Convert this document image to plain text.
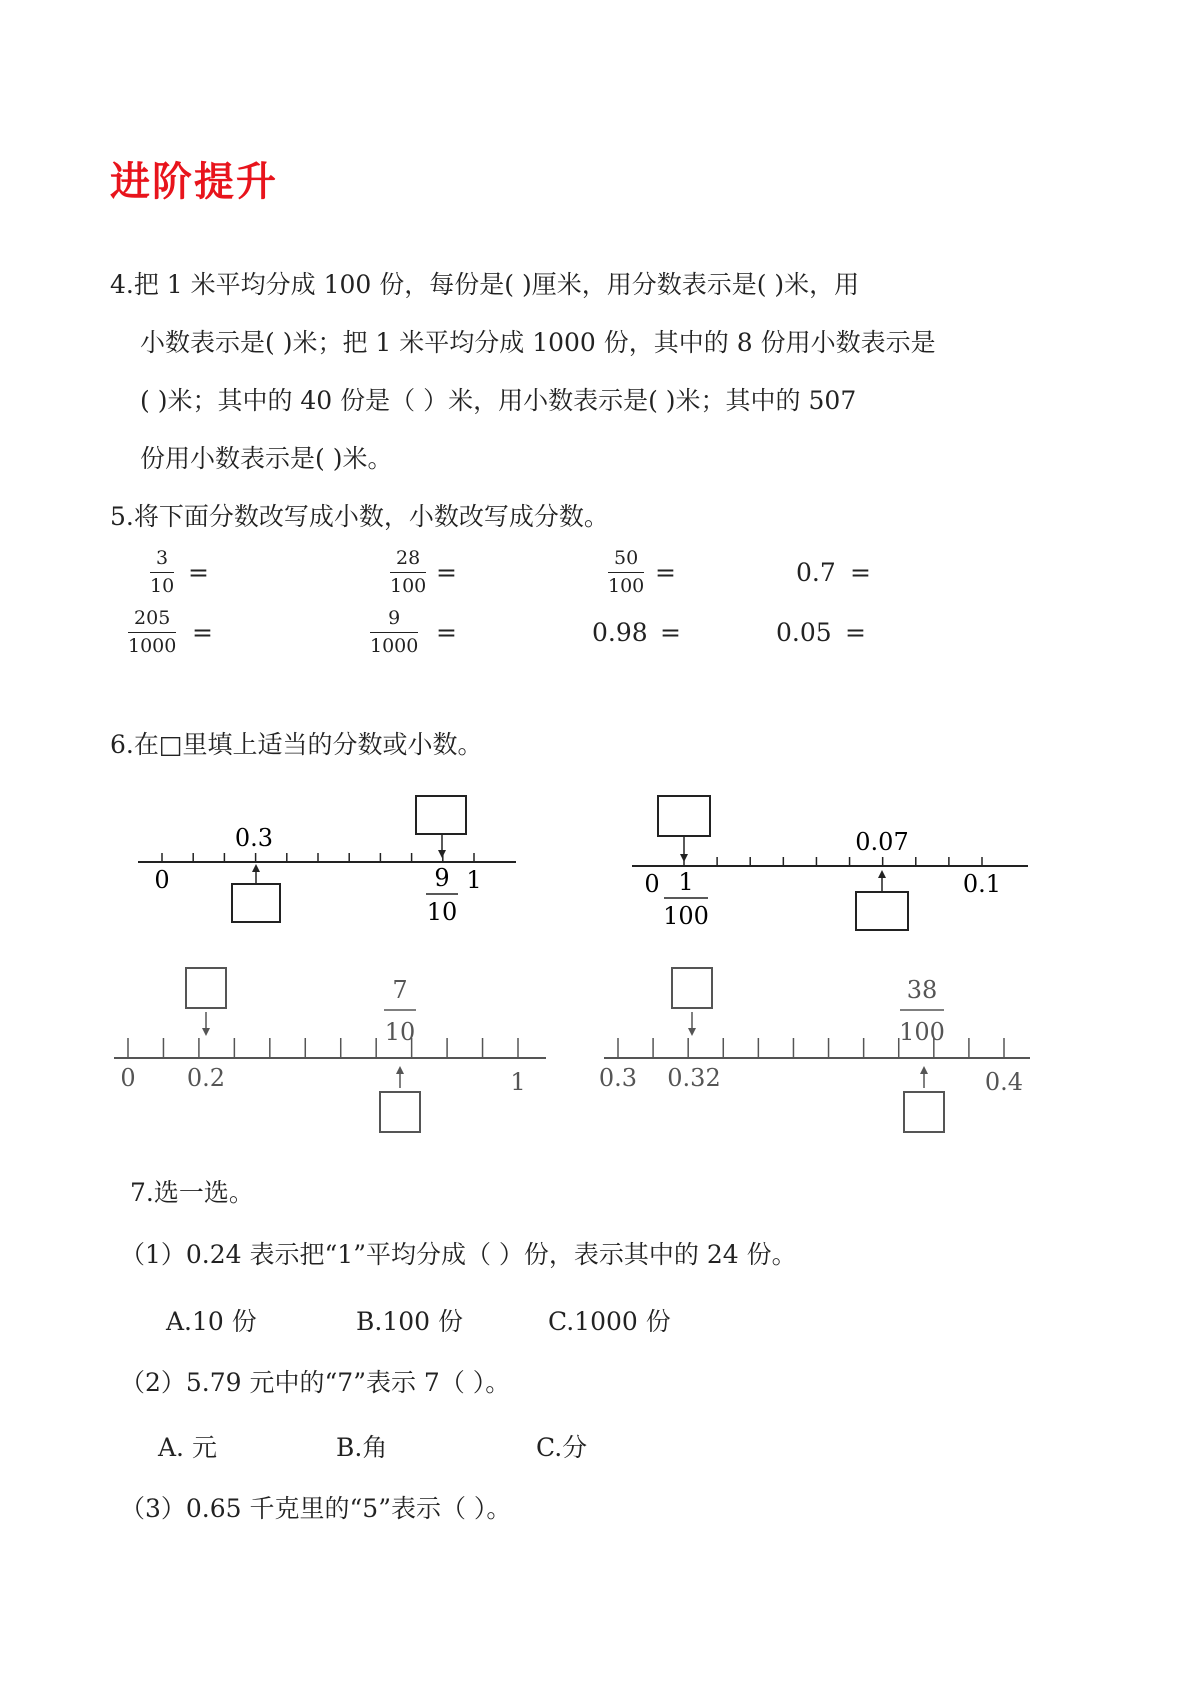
进阶提升
4.把 1 米平均分成 100 份，每份是( )厘米，用分数表示是( )米，用
小数表示是( )米；把 1 米平均分成 1000 份，其中的 8 份用小数表示是
( )米；其中的 40 份是（ ）米，用小数表示是( )米；其中的 507
份用小数表示是( )米。
5.将下面分数改写成小数，小数改写成分数。
3
10 =	28
100 =	50
100 =	0.7 =
205
1000 =	9
1000 =	0.98 =	0.05 =
6.在□里填上适当的分数或小数。
0
0.3
1
9
10
0
0.07
0.1
1
100
0 0.2	1
7
10
0.3 0.32	0.4
38
100
7.选一选。
（1）0.24 表示把“1”平均分成（ ）份，表示其中的 24 份。
A.10 份	B.100 份	C.1000 份
（2）5.79 元中的“7”表示 7（ ）。
A. 元	B.角	C.分
（3）0.65 千克里的“5”表示（ ）。
